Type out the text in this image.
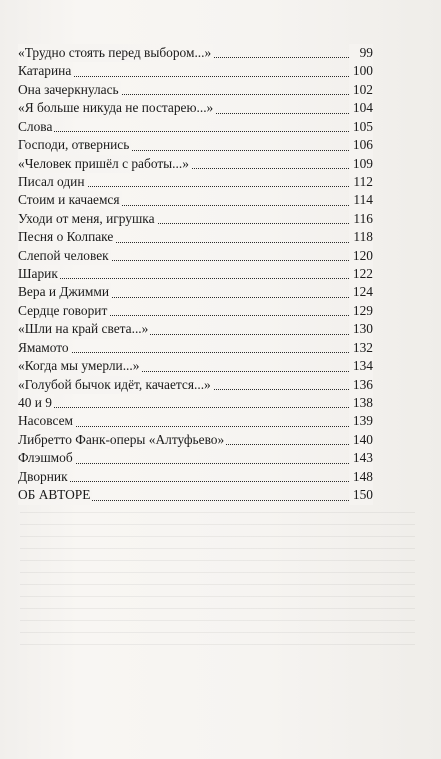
«Трудно стоять перед выбором...»	99
Катарина	100
Она зачеркнулась	102
«Я больше никуда не постарею...»	104
Слова	105
Господи, отвернись	106
«Человек пришёл с работы...»	109
Писал один	112
Стоим и качаемся	114
Уходи от меня, игрушка	116
Песня о Колпаке	118
Слепой человек	120
Шарик	122
Вера и Джимми	124
Сердце говорит	129
«Шли на край света...»	130
Ямамото	132
«Когда мы умерли...»	134
«Голубой бычок идёт, качается...»	136
40 и 9	138
Насовсем	139
Либретто Фанк-оперы «Алтуфьево»	140
Флэшмоб	143
Дворник	148
ОБ АВТОРЕ	150
